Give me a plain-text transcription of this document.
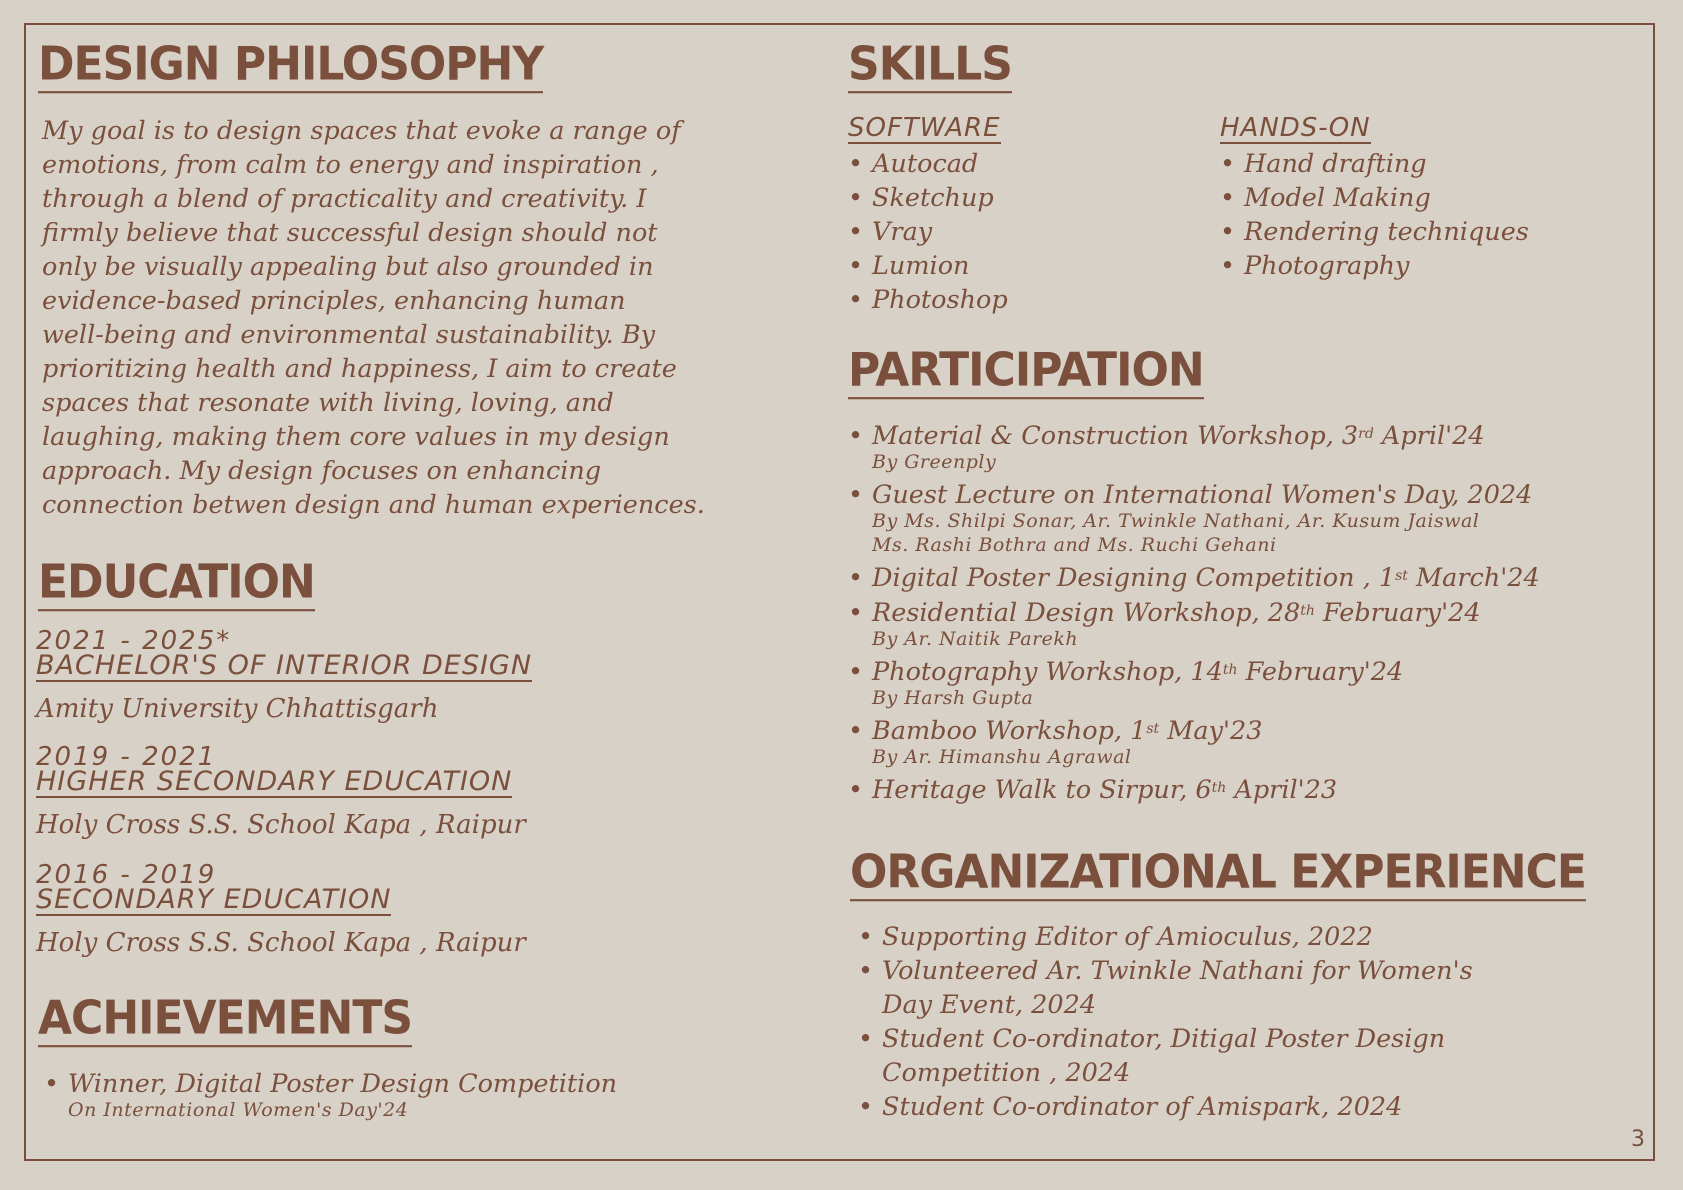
DESIGN PHILOSOPHY
My goal is to design spaces that evoke a range of
emotions, from calm to energy and inspiration ,
through a blend of practicality and creativity. I
firmly believe that successful design should not
only be visually appealing but also grounded in
evidence-based principles, enhancing human
well-being and environmental sustainability. By
prioritizing health and happiness, I aim to create
spaces that resonate with living, loving, and
laughing, making them core values in my design
approach. My design focuses on enhancing
connection betwen design and human experiences.
EDUCATION
2021 - 2025*
BACHELOR'S OF INTERIOR DESIGN
Amity University Chhattisgarh
2019 - 2021
HIGHER SECONDARY EDUCATION
Holy Cross S.S. School Kapa , Raipur
2016 - 2019
SECONDARY EDUCATION
Holy Cross S.S. School Kapa , Raipur
ACHIEVEMENTS
• Winner, Digital Poster Design Competition
On International Women's Day'24
SKILLS
SOFTWARE
• Autocad
• Sketchup
• Vray
• Lumion
• Photoshop
HANDS-ON
• Hand drafting
• Model Making
• Rendering techniques
• Photography
PARTICIPATION
• Material & Construction Workshop, 3rd April'24
By Greenply
• Guest Lecture on International Women's Day, 2024
By Ms. Shilpi Sonar, Ar. Twinkle Nathani, Ar. Kusum Jaiswal
Ms. Rashi Bothra and Ms. Ruchi Gehani
• Digital Poster Designing Competition , 1st March'24
• Residential Design Workshop, 28th February'24
By Ar. Naitik Parekh
• Photography Workshop, 14th February'24
By Harsh Gupta
• Bamboo Workshop, 1st May'23
By Ar. Himanshu Agrawal
• Heritage Walk to Sirpur, 6th April'23
ORGANIZATIONAL EXPERIENCE
• Supporting Editor of Amioculus, 2022
• Volunteered Ar. Twinkle Nathani for Women's
Day Event, 2024
• Student Co-ordinator, Ditigal Poster Design
Competition , 2024
• Student Co-ordinator of Amispark, 2024
3
